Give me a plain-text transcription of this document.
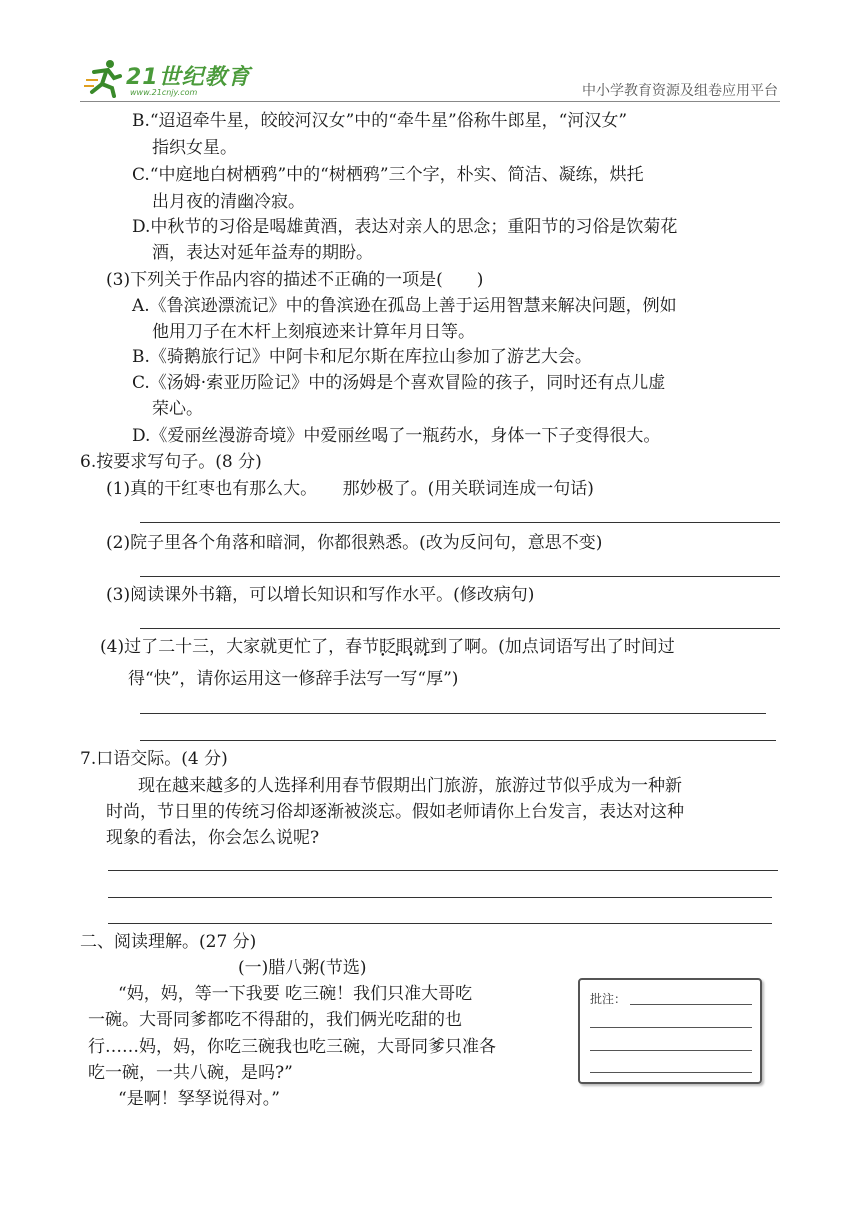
21世纪教育
www.21cnjy.com	中小学教育资源及组卷应用平台
B.“迢迢牵牛星，皎皎河汉女”中的“牵牛星”俗称牛郎星，“河汉女”
指织女星。
C.“中庭地白树栖鸦”中的“树栖鸦”三个字，朴实、简洁、凝练，烘托
出月夜的清幽冷寂。
D.中秋节的习俗是喝雄黄酒，表达对亲人的思念；重阳节的习俗是饮菊花
酒，表达对延年益寿的期盼。
(3)下列关于作品内容的描述不正确的一项是(　　)
A.《鲁滨逊漂流记》中的鲁滨逊在孤岛上善于运用智慧来解决问题，例如
他用刀子在木杆上刻痕迹来计算年月日等。
B.《骑鹅旅行记》中阿卡和尼尔斯在库拉山参加了游艺大会。
C.《汤姆·索亚历险记》中的汤姆是个喜欢冒险的孩子，同时还有点儿虚
荣心。
D.《爱丽丝漫游奇境》中爱丽丝喝了一瓶药水，身体一下子变得很大。
6.按要求写句子。(8 分)
(1)真的干红枣也有那么大。　　那妙极了。(用关联词连成一句话)
(2)院子里各个角落和暗洞，你都很熟悉。(改为反问句，意思不变)
(3)阅读课外书籍，可以增长知识和写作水平。(修改病句)
(4)过了二十三，大家就更忙了，春节眨眼就到 • • • •了啊。(加点词语写出了时间过
得“快”，请你运用这一修辞手法写一写“厚”)
7.口语交际。(4 分)
现在越来越多的人选择利用春节假期出门旅游，旅游过节似乎成为一种新
时尚，节日里的传统习俗却逐渐被淡忘。假如老师请你上台发言，表达对这种
现象的看法，你会怎么说呢?
二、阅读理解。(27 分)
(一)腊八粥(节选)
“妈，妈，等一下我要 吃三碗！我们只准大哥吃
一碗。大哥同爹都吃不得甜的，我们俩光吃甜的也
行……妈，妈，你吃三碗我也吃三碗，大哥同爹只准各
吃一碗，一共八碗，是吗?”
“是啊！孥孥说得对。”
批注：
